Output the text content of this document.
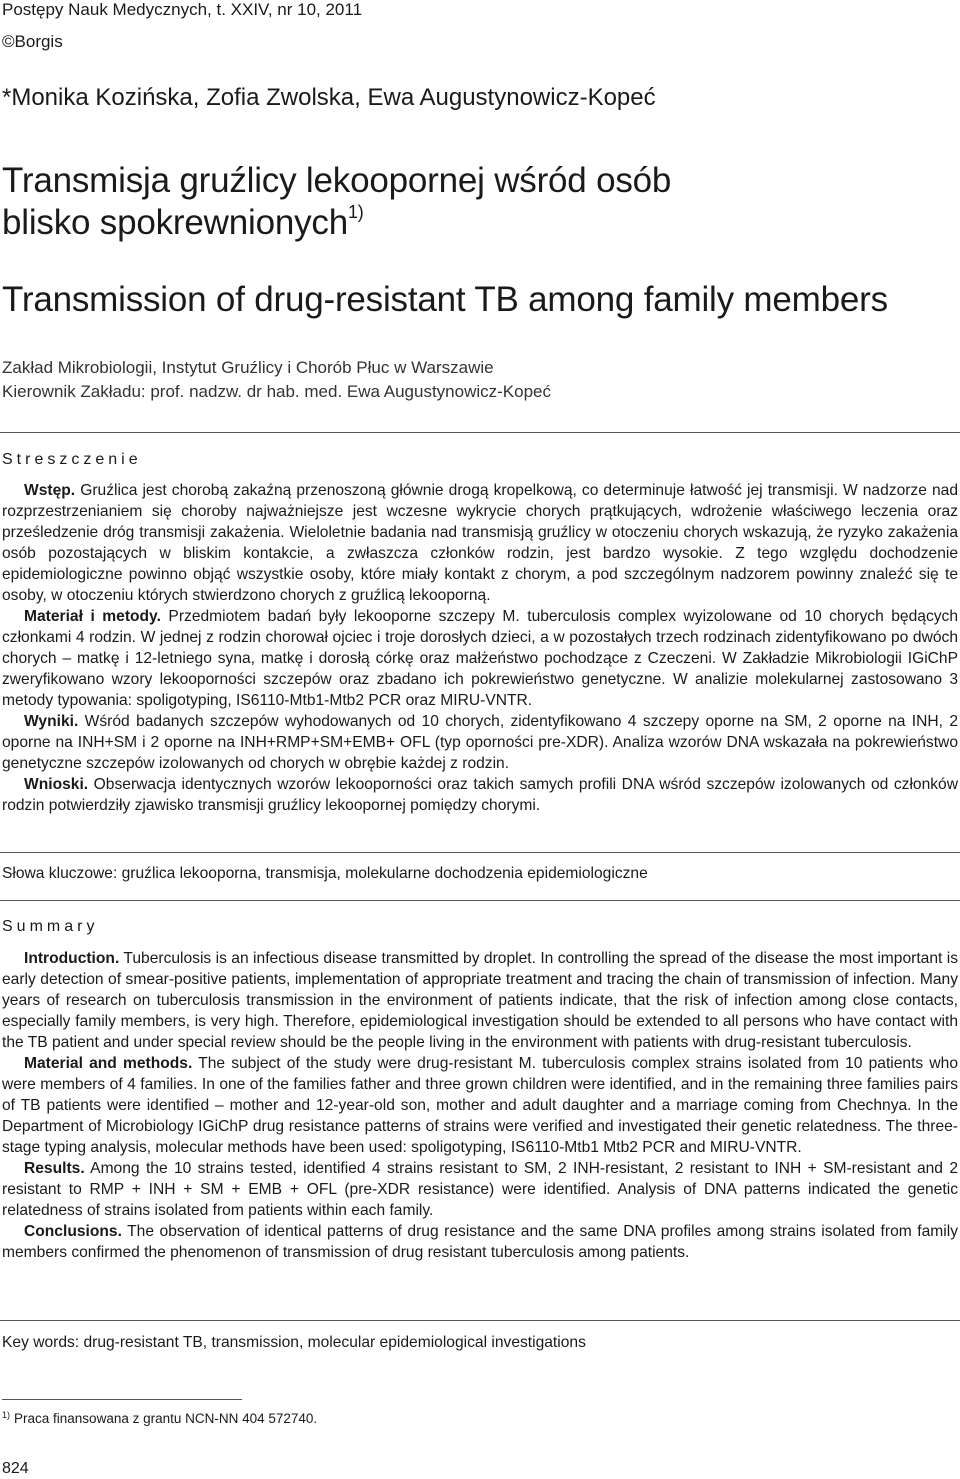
Postępy Nauk Medycznych, t. XXIV, nr 10, 2011
©Borgis
*Monika Kozińska, Zofia Zwolska, Ewa Augustynowicz-Kopeć
Transmisja gruźlicy lekoopornej wśród osób blisko spokrewnionych$^{1)}$
Transmission of drug-resistant TB among family members
Zakład Mikrobiologii, Instytut Gruźlicy i Chorób Płuc w Warszawie
Kierownik Zakładu: prof. nadzw. dr hab. med. Ewa Augustynowicz-Kopeć
Streszczenie

Wstęp. Gruźlica jest chorobą zakaźną przenoszoną głównie drogą kropelkową, co determinuje łatwość jej transmisji. W nadzorze nad rozprzestrzenianiem się choroby najważniejsze jest wczesne wykrycie chorych prątkujących, wdrożenie właściwego leczenia oraz prześledzenie dróg transmisji zakażenia. Wieloletnie badania nad transmisją gruźlicy w otoczeniu chorych wskazują, że ryzyko zakażenia osób pozostających w bliskim kontakcie, a zwłaszcza członków rodzin, jest bardzo wysokie. Z tego względu dochodzenie epidemiologiczne powinno objąć wszystkie osoby, które miały kontakt z chorym, a pod szczególnym nadzorem powinny znaleźć się te osoby, w otoczeniu których stwierdzono chorych z gruźlicą lekooporną.

Materiał i metody. Przedmiotem badań były lekooporne szczepy M. tuberculosis complex wyizolowane od 10 chorych będących członkami 4 rodzin. W jednej z rodzin chorował ojciec i troje dorosłych dzieci, a w pozostałych trzech rodzinach zidentyfikowano po dwóch chorych – matkę i 12-letniego syna, matkę i dorosłą córkę oraz małżeństwo pochodzące z Czeczeni. W Zakładzie Mikrobiologii IGiChP zweryfikowano wzory lekooporności szczepów oraz zbadano ich pokrewieństwo genetyczne. W analizie molekularnej zastosowano 3 metody typowania: spoligotyping, IS6110-Mtb1-Mtb2 PCR oraz MIRU-VNTR.

Wyniki. Wśród badanych szczepów wyhodowanych od 10 chorych, zidentyfikowano 4 szczepy oporne na SM, 2 oporne na INH, 2 oporne na INH+SM i 2 oporne na INH+RMP+SM+EMB+ OFL (typ oporności pre-XDR). Analiza wzorów DNA wskazała na pokrewieństwo genetyczne szczepów izolowanych od chorych w obrębie każdej z rodzin.

Wnioski. Obserwacja identycznych wzorów lekooporności oraz takich samych profili DNA wśród szczepów izolowanych od członków rodzin potwierdziły zjawisko transmisji gruźlicy lekoopornej pomiędzy chorymi.

Słowa kluczowe: gruźlica lekooporna, transmisja, molekularne dochodzenia epidemiologiczne
Summary

Introduction. Tuberculosis is an infectious disease transmitted by droplet. In controlling the spread of the disease the most important is early detection of smear-positive patients, implementation of appropriate treatment and tracing the chain of transmission of infection. Many years of research on tuberculosis transmission in the environment of patients indicate, that the risk of infection among close contacts, especially family members, is very high. Therefore, epidemiological investigation should be extended to all persons who have contact with the TB patient and under special review should be the people living in the environment with patients with drug-resistant tuberculosis.

Material and methods. The subject of the study were drug-resistant M. tuberculosis complex strains isolated from 10 patients who were members of 4 families. In one of the families father and three grown children were identified, and in the remaining three families pairs of TB patients were identified – mother and 12-year-old son, mother and adult daughter and a marriage coming from Chechnya. In the Department of Microbiology IGiChP drug resistance patterns of strains were verified and investigated their genetic relatedness. The three-stage typing analysis, molecular methods have been used: spoligotyping, IS6110-Mtb1 Mtb2 PCR and MIRU-VNTR.

Results. Among the 10 strains tested, identified 4 strains resistant to SM, 2 INH-resistant, 2 resistant to INH + SM-resistant and 2 resistant to RMP + INH + SM + EMB + OFL (pre-XDR resistance) were identified. Analysis of DNA patterns indicated the genetic relatedness of strains isolated from patients within each family.

Conclusions. The observation of identical patterns of drug resistance and the same DNA profiles among strains isolated from family members confirmed the phenomenon of transmission of drug resistant tuberculosis among patients.

Key words: drug-resistant TB, transmission, molecular epidemiological investigations
$^{1)}$ Praca finansowana z grantu NCN-NN 404 572740.
824
